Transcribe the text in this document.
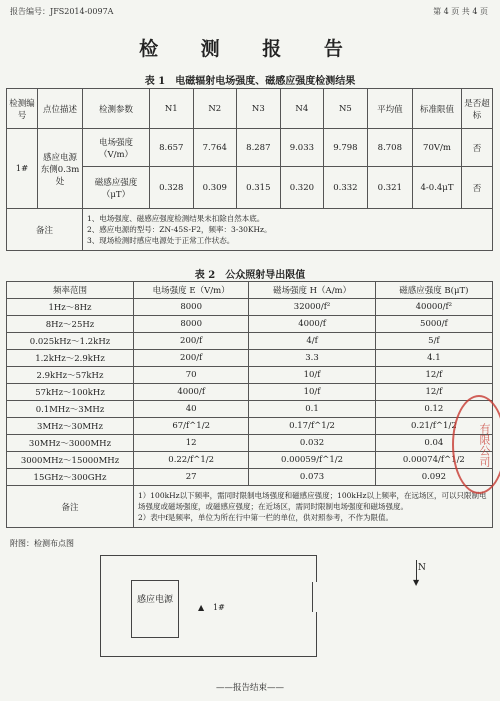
报告编号：JFS2014-0097A	第 4 页 共 4 页
检 测 报 告
表 1　电磁辐射电场强度、磁感应强度检测结果
检测编号	点位描述	检测参数	N1	N2	N3	N4	N5	平均值	标准限值	是否超标
1#	感应电源东侧0.3m处	电场强度（V/m）	8.657	7.764	8.287	9.033	9.798	8.708	70V/m	否
		磁感应强度（μT）	0.328	0.309	0.315	0.320	0.332	0.321	4-0.4μT	否
备注		1、电场强度、磁感应强度检测结果未扣除自然本底。
2、感应电源的型号：ZN-45S-F2，频率：3-30KHz。
3、现场检测时感应电源处于正常工作状态。								
表 2　公众照射导出限值
频率范围	电场强度 E（V/m）	磁场强度 H（A/m）	磁感应强度 B(μT)
1Hz～8Hz	8000	32000/f²	40000/f²
8Hz～25Hz	8000	4000/f	5000/f
0.025kHz～1.2kHz	200/f	4/f	5/f
1.2kHz～2.9kHz	200/f	3.3	4.1
2.9kHz～57kHz	70	10/f	12/f
57kHz～100kHz	4000/f	10/f	12/f
0.1MHz～3MHz	40	0.1	0.12
3MHz～30MHz	67/f^1/2	0.17/f^1/2	0.21/f^1/2
30MHz～3000MHz	12	0.032	0.04
3000MHz～15000MHz	0.22/f^1/2	0.00059/f^1/2	0.00074/f^1/2
15GHz～300GHz	27	0.073	0.092
备注	1）100kHz以下频率，需同时限制电场强度和磁感应强度；100kHz以上频率，在远场区，可以只限制电场强度或磁场强度，或磁感应强度；在近场区，需同时限制电场强度和磁场强度。
2）表中f是频率，单位为所在行中第一栏的单位，供对照参考，不作为限值。		
附图：检测布点图
感应电源
▲ 1#
▼
N
有限公司
——报告结束——
